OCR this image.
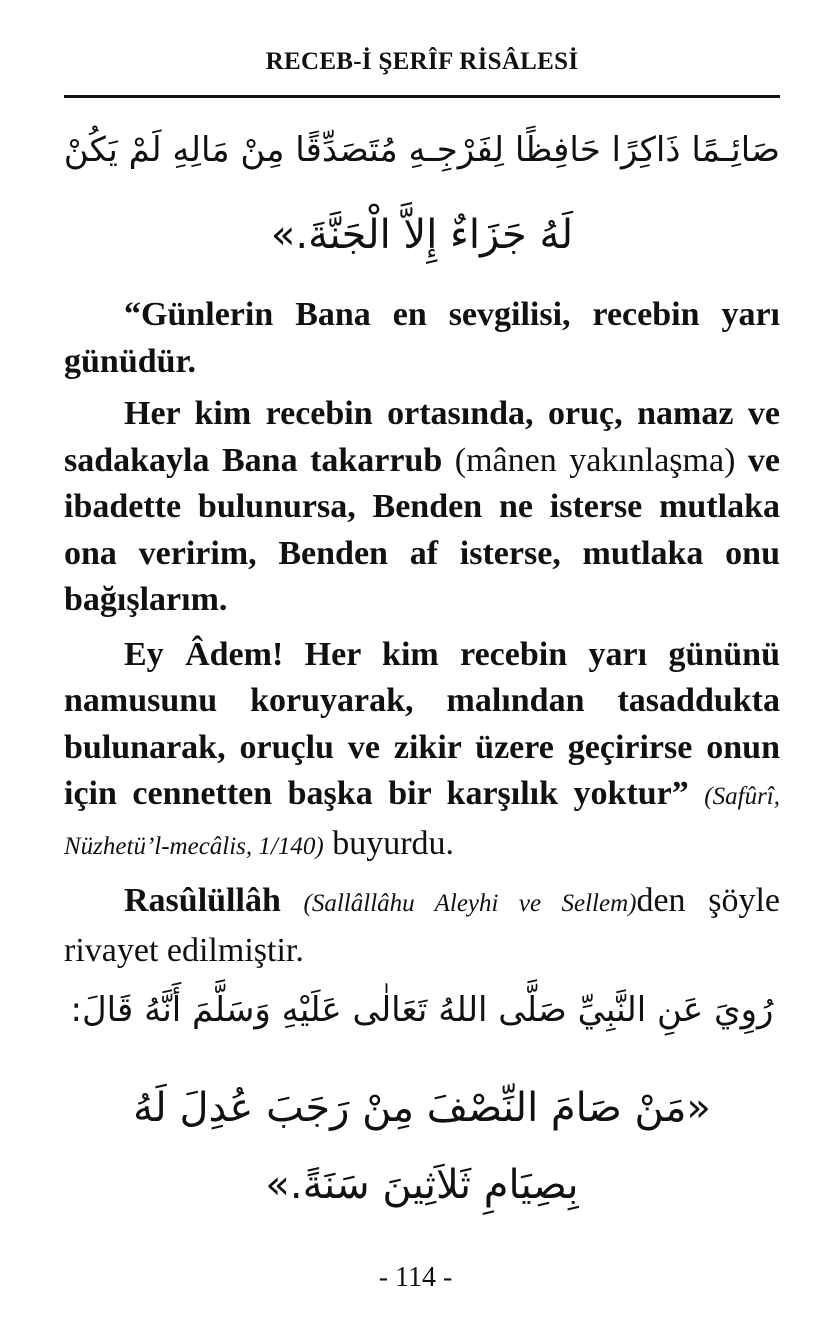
RECEB-İ ŞERÎF RİSÂLESİ
صَائِـمًا ذَاكِرًا حَافِظًا لِفَرْجِـهِ مُتَصَدِّقًا مِنْ مَالِهِ لَمْ يَكُنْ
لَهُ جَزَاءٌ إِلاَّ الْجَنَّةَ.»

“Günlerin Bana en sevgilisi, recebin yarı günüdür.

Her kim recebin ortasında, oruç, namaz ve sadakayla Bana takarrub (mânen yakınlaşma) ve ibadette bulunursa, Benden ne isterse mutlaka ona veririm, Benden af isterse, mutlaka onu bağışlarım.

Ey Âdem! Her kim recebin yarı gününü namusunu koruyarak, malından tasaddukta bulunarak, oruçlu ve zikir üzere geçirirse onun için cennetten başka bir karşılık yoktur” (Safûrî, Nüzhetü’l-mecâlis, 1/140) buyurdu.

Rasûlüllâh (Sallâllâhu Aleyhi ve Sellem)den şöyle rivayet edilmiştir.

رُوِيَ عَنِ النَّبِيِّ صَلَّى اللهُ تَعَالٰى عَلَيْهِ وَسَلَّمَ أَنَّهُ قَالَ:
«مَنْ صَامَ النِّصْفَ مِنْ رَجَبَ عُدِلَ لَهُ
بِصِيَامِ ثَلاَثِينَ سَنَةً.»
- 114 -
